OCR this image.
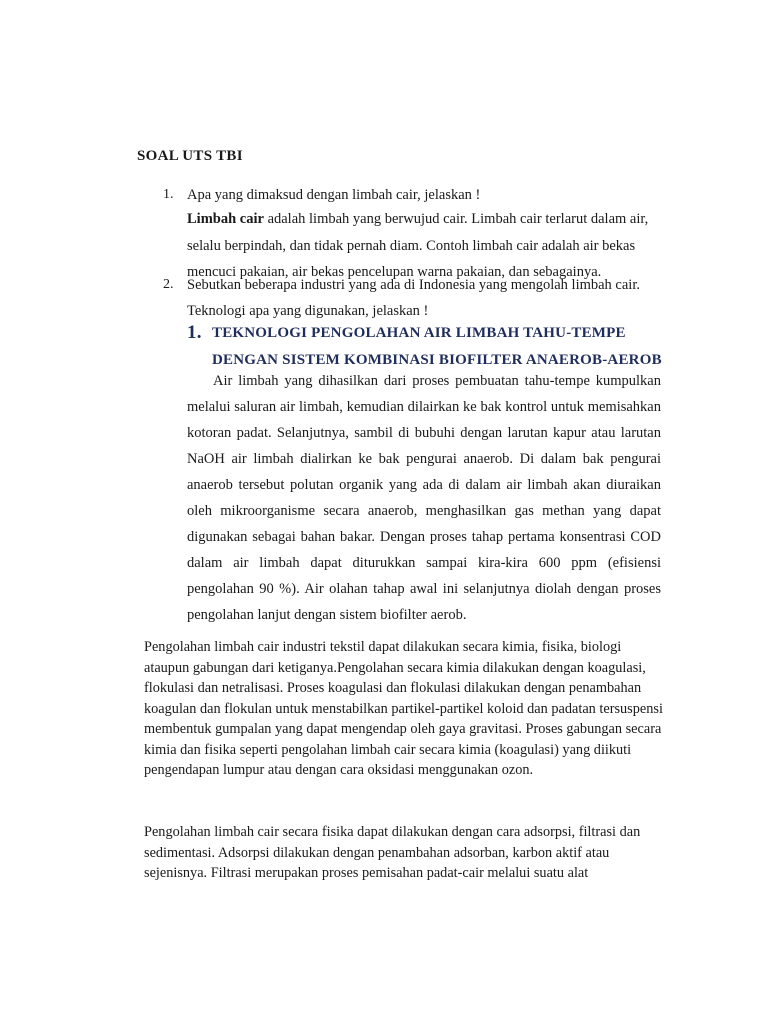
SOAL UTS TBI
1. Apa yang dimaksud dengan limbah cair, jelaskan !
Limbah cair adalah limbah yang berwujud cair. Limbah cair terlarut dalam air, selalu berpindah, dan tidak pernah diam. Contoh limbah cair adalah air bekas mencuci pakaian, air bekas pencelupan warna pakaian, dan sebagainya.
2. Sebutkan beberapa industri yang ada di Indonesia yang mengolah limbah cair.
Teknologi apa yang digunakan, jelaskan !
1. TEKNOLOGI PENGOLAHAN AIR LIMBAH TAHU-TEMPE
DENGAN SISTEM KOMBINASI BIOFILTER ANAEROB-AEROB
Air limbah yang dihasilkan dari proses pembuatan tahu-tempe kumpulkan melalui saluran air limbah, kemudian dilairkan ke bak kontrol untuk memisahkan kotoran padat. Selanjutnya, sambil di bubuhi dengan larutan kapur atau larutan NaOH air limbah dialirkan ke bak pengurai anaerob. Di dalam bak pengurai anaerob tersebut polutan organik yang ada di dalam air limbah akan diuraikan oleh mikroorganisme secara anaerob, menghasilkan gas methan yang dapat digunakan sebagai bahan bakar. Dengan proses tahap pertama konsentrasi COD dalam air limbah dapat diturukkan sampai kira-kira 600 ppm (efisiensi pengolahan 90 %). Air olahan tahap awal ini selanjutnya diolah dengan proses pengolahan lanjut dengan sistem biofilter aerob.
Pengolahan limbah cair industri tekstil dapat dilakukan secara kimia, fisika, biologi ataupun gabungan dari ketiganya.Pengolahan secara kimia dilakukan dengan koagulasi, flokulasi dan netralisasi. Proses koagulasi dan flokulasi dilakukan dengan penambahan koagulan dan flokulan untuk menstabilkan partikel-partikel koloid dan padatan tersuspensi membentuk gumpalan yang dapat mengendap oleh gaya gravitasi. Proses gabungan secara kimia dan fisika seperti pengolahan limbah cair secara kimia (koagulasi) yang diikuti pengendapan lumpur atau dengan cara oksidasi menggunakan ozon.
Pengolahan limbah cair secara fisika dapat dilakukan dengan cara adsorpsi, filtrasi dan sedimentasi. Adsorpsi dilakukan dengan penambahan adsorban, karbon aktif atau sejenisnya. Filtrasi merupakan proses pemisahan padat-cair melalui suatu alat
